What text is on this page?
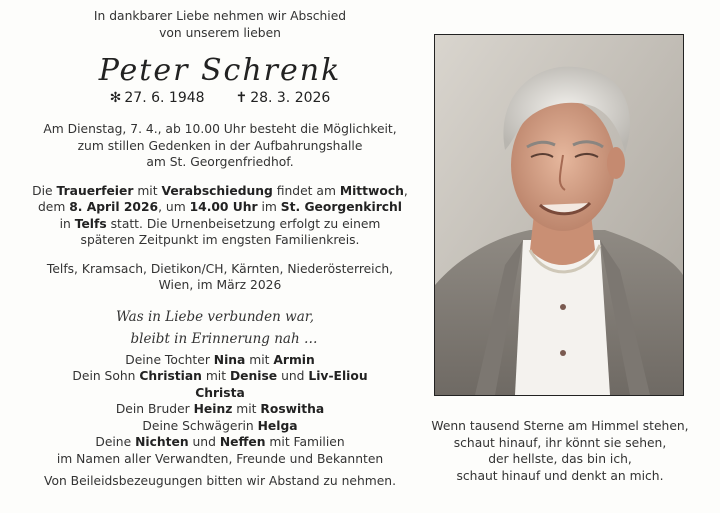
In dankbarer Liebe nehmen wir Abschied
von unserem lieben
Peter Schrenk
✻ 27. 6. 1948 ✝ 28. 3. 2026
Am Dienstag, 7. 4., ab 10.00 Uhr besteht die Möglichkeit,
zum stillen Gedenken in der Aufbahrungshalle
am St. Georgenfriedhof.
Die Trauerfeier mit Verabschiedung findet am Mittwoch,
dem 8. April 2026, um 14.00 Uhr im St. Georgenkirchl
in Telfs statt. Die Urnenbeisetzung erfolgt zu einem
späteren Zeitpunkt im engsten Familienkreis.
Telfs, Kramsach, Dietikon/CH, Kärnten, Niederösterreich,
Wien, im März 2026
Was in Liebe verbunden war,
bleibt in Erinnerung nah …
Deine Tochter Nina mit Armin
Dein Sohn Christian mit Denise und Liv-Eliou
Christa
Dein Bruder Heinz mit Roswitha
Deine Schwägerin Helga
Deine Nichten und Neffen mit Familien
im Namen aller Verwandten, Freunde und Bekannten
Von Beileidsbezeugungen bitten wir Abstand zu nehmen.
Wenn tausend Sterne am Himmel stehen,
schaut hinauf, ihr könnt sie sehen,
der hellste, das bin ich,
schaut hinauf und denkt an mich.
